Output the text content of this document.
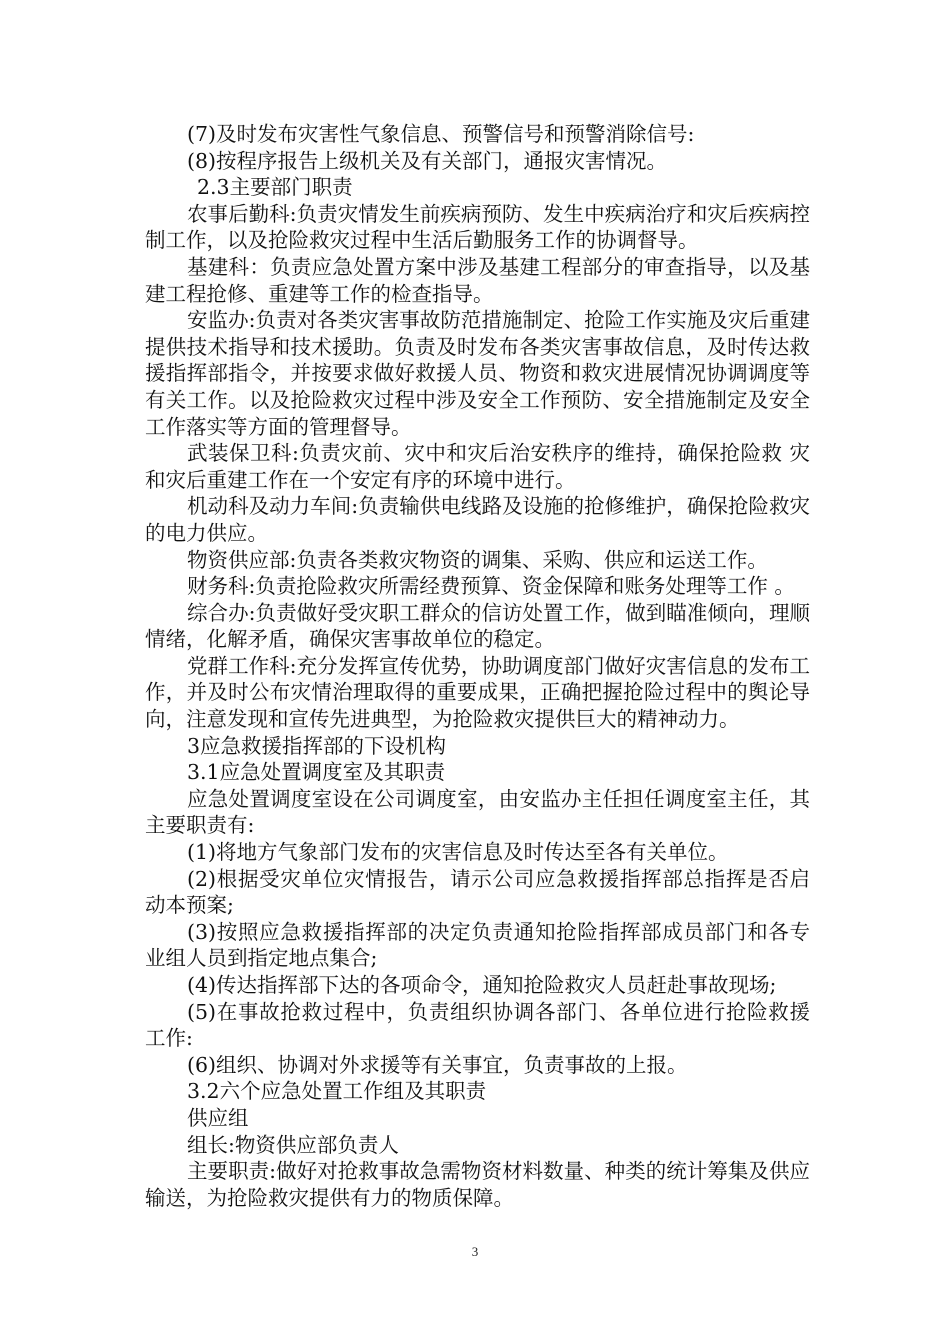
(7)及时发布灾害性气象信息、预警信号和预警消除信号:

(8)按程序报告上级机关及有关部门，通报灾害情况。

2.3主要部门职责

农事后勤科:负责灾情发生前疾病预防、发生中疾病治疗和灾后疾病控制工作，以及抢险救灾过程中生活后勤服务工作的协调督导。

基建科：负责应急处置方案中涉及基建工程部分的审查指导，以及基建工程抢修、重建等工作的检查指导。

安监办:负责对各类灾害事故防范措施制定、抢险工作实施及灾后重建提供技术指导和技术援助。负责及时发布各类灾害事故信息，及时传达救援指挥部指令，并按要求做好救援人员、物资和救灾进展情况协调调度等有关工作。以及抢险救灾过程中涉及安全工作预防、安全措施制定及安全工作落实等方面的管理督导。

武装保卫科:负责灾前、灾中和灾后治安秩序的维持，确保抢险救 灾和灾后重建工作在一个安定有序的环境中进行。

机动科及动力车间:负责输供电线路及设施的抢修维护，确保抢险救灾的电力供应。

物资供应部:负责各类救灾物资的调集、采购、供应和运送工作。

财务科:负责抢险救灾所需经费预算、资金保障和账务处理等工作 。

综合办:负责做好受灾职工群众的信访处置工作，做到瞄准倾向，理顺情绪，化解矛盾，确保灾害事故单位的稳定。

党群工作科:充分发挥宣传优势，协助调度部门做好灾害信息的发布工作，并及时公布灾情治理取得的重要成果，正确把握抢险过程中的舆论导向，注意发现和宣传先进典型，为抢险救灾提供巨大的精神动力。

3应急救援指挥部的下设机构

3.1应急处置调度室及其职责

应急处置调度室设在公司调度室，由安监办主任担任调度室主任，其主要职责有:

(1)将地方气象部门发布的灾害信息及时传达至各有关单位。

(2)根据受灾单位灾情报告，请示公司应急救援指挥部总指挥是否启动本预案;

(3)按照应急救援指挥部的决定负责通知抢险指挥部成员部门和各专业组人员到指定地点集合;

(4)传达指挥部下达的各项命令，通知抢险救灾人员赶赴事故现场;

(5)在事故抢救过程中，负责组织协调各部门、各单位进行抢险救援工作:

(6)组织、协调对外求援等有关事宜，负责事故的上报。

3.2六个应急处置工作组及其职责

供应组

组长:物资供应部负责人

主要职责:做好对抢救事故急需物资材料数量、种类的统计筹集及供应输送，为抢险救灾提供有力的物质保障。

3
